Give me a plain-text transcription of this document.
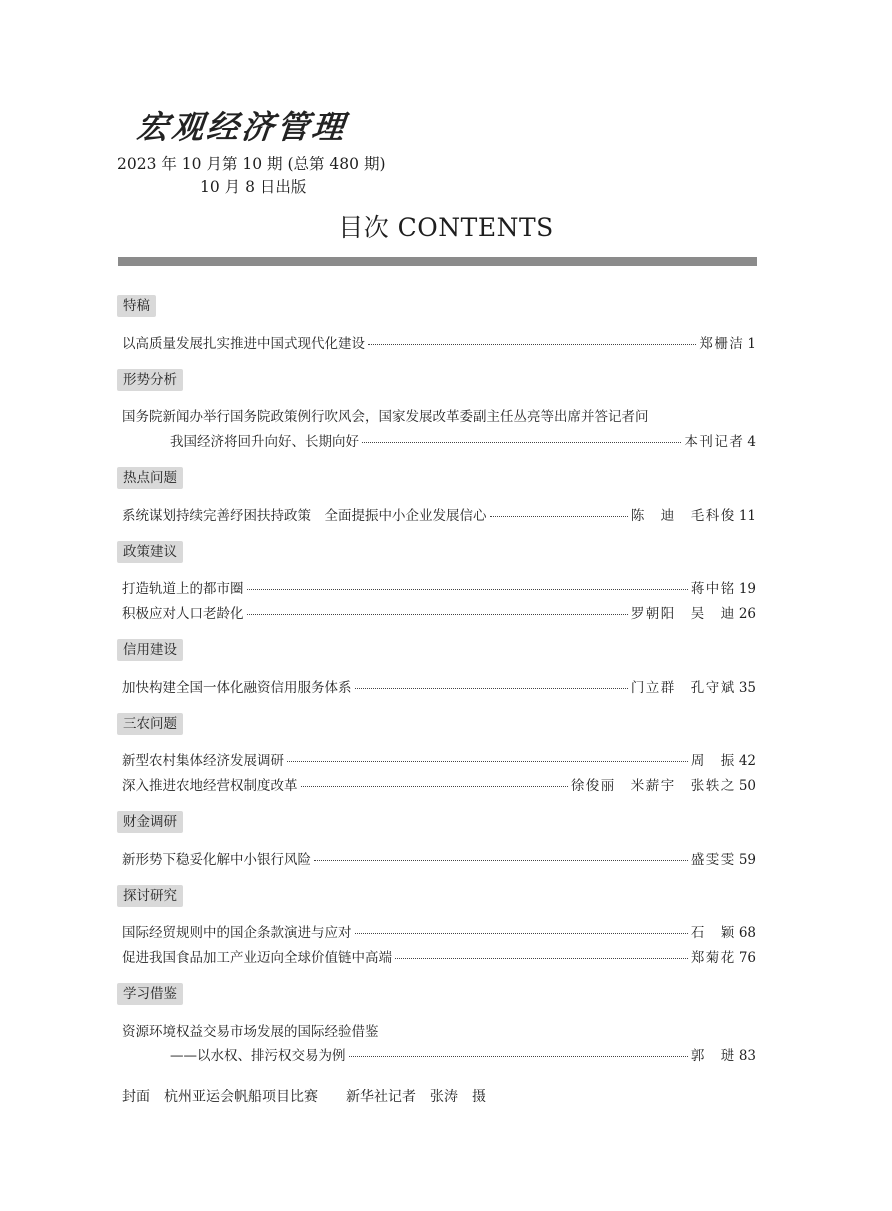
宏观经济管理
2023 年 10 月第 10 期 (总第 480 期)
10 月 8 日出版
目次 CONTENTS
特稿
以高质量发展扎实推进中国式现代化建设	郑栅洁 1
形势分析
国务院新闻办举行国务院政策例行吹风会，国家发展改革委副主任丛亮等出席并答记者问
我国经济将回升向好、长期向好	本刊记者 4
热点问题
系统谋划持续完善纾困扶持政策　全面提振中小企业发展信心	陈　迪　毛科俊 11
政策建议
打造轨道上的都市圈	蒋中铭 19
积极应对人口老龄化	罗朝阳　吴　迪 26
信用建设
加快构建全国一体化融资信用服务体系	门立群　孔守斌 35
三农问题
新型农村集体经济发展调研	周　振 42
深入推进农地经营权制度改革	徐俊丽　米薪宇　张轶之 50
财金调研
新形势下稳妥化解中小银行风险	盛雯雯 59
探讨研究
国际经贸规则中的国企条款演进与应对	石　颖 68
促进我国食品加工产业迈向全球价值链中高端	郑菊花 76
学习借鉴
资源环境权益交易市场发展的国际经验借鉴
——以水权、排污权交易为例	郭　琎 83
封面　杭州亚运会帆船项目比赛　　新华社记者　张涛　摄
